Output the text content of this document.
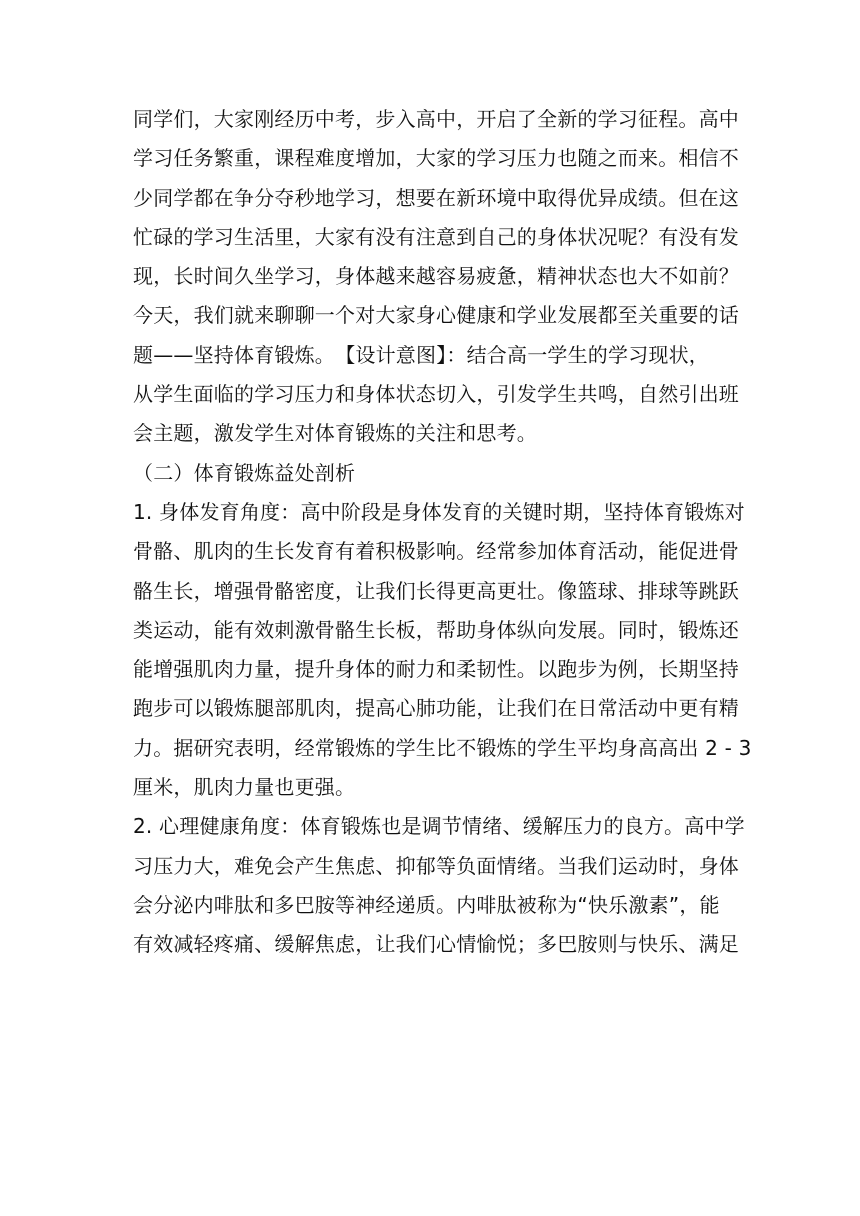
同学们，大家刚经历中考，步入高中，开启了全新的学习征程。高中
学习任务繁重，课程难度增加，大家的学习压力也随之而来。相信不
少同学都在争分夺秒地学习，想要在新环境中取得优异成绩。但在这
忙碌的学习生活里，大家有没有注意到自己的身体状况呢？有没有发
现，长时间久坐学习，身体越来越容易疲惫，精神状态也大不如前？
今天，我们就来聊聊一个对大家身心健康和学业发展都至关重要的话
题——坚持体育锻炼。　【设计意图】：结合高一学生的学习现状，
从学生面临的学习压力和身体状态切入，引发学生共鸣，自然引出班
会主题，激发学生对体育锻炼的关注和思考。
（二）体育锻炼益处剖析
1. 身体发育角度：高中阶段是身体发育的关键时期，坚持体育锻炼对
骨骼、肌肉的生长发育有着积极影响。经常参加体育活动，能促进骨
骼生长，增强骨骼密度，让我们长得更高更壮。像篮球、排球等跳跃
类运动，能有效刺激骨骼生长板，帮助身体纵向发展。同时，锻炼还
能增强肌肉力量，提升身体的耐力和柔韧性。以跑步为例，长期坚持
跑步可以锻炼腿部肌肉，提高心肺功能，让我们在日常活动中更有精
力。据研究表明，经常锻炼的学生比不锻炼的学生平均身高高出 2 - 3
厘米，肌肉力量也更强。
2. 心理健康角度：体育锻炼也是调节情绪、缓解压力的良方。高中学
习压力大，难免会产生焦虑、抑郁等负面情绪。当我们运动时，身体
会分泌内啡肽和多巴胺等神经递质。内啡肽被称为“快乐激素”，能
有效减轻疼痛、缓解焦虑，让我们心情愉悦；多巴胺则与快乐、满足
